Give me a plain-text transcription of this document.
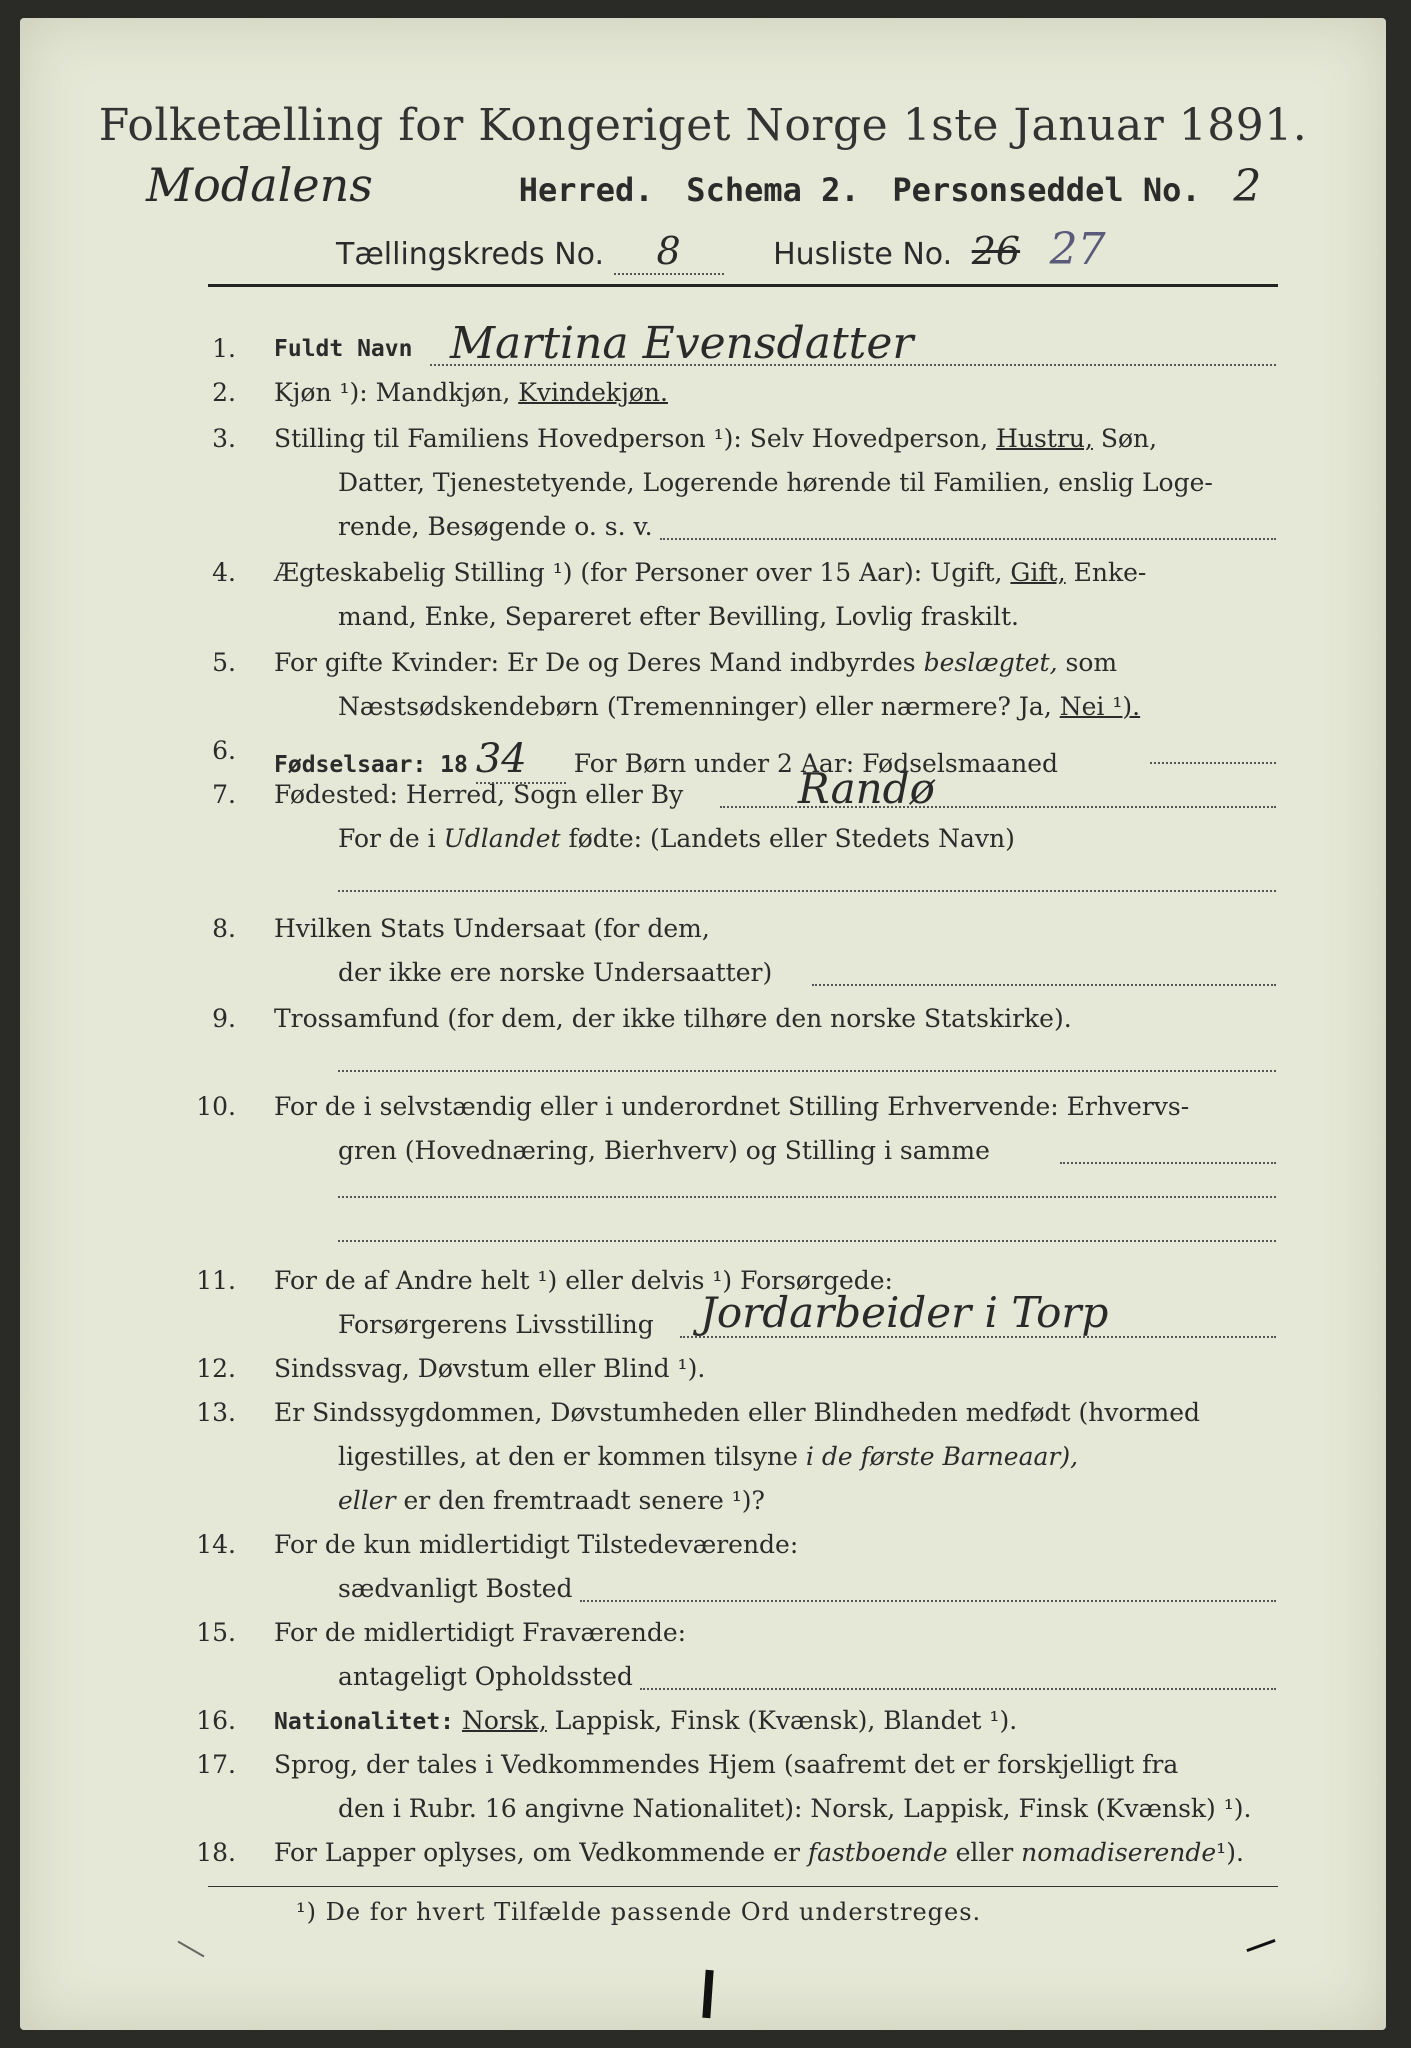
Folketælling for Kongeriget Norge 1ste Januar 1891.
Modalens	Herred. Schema 2. Personseddel No. 2
Tællingskreds No. 8	Husliste No. 26 27
1. Fuldt Navn Martina Evensdatter
2. Kjøn ¹): Mandkjøn, Kvindekjøn.
3. Stilling til Familiens Hovedperson ¹): Selv Hovedperson, Hustru, Søn,
Datter, Tjenestetyende, Logerende hørende til Familien, enslig Loge-
rende, Besøgende o. s. v.
4. Ægteskabelig Stilling ¹) (for Personer over 15 Aar): Ugift, Gift, Enke-
mand, Enke, Separeret efter Bevilling, Lovlig fraskilt.
5. For gifte Kvinder: Er De og Deres Mand indbyrdes beslægtet, som
Næstsødskendebørn (Tremenninger) eller nærmere? Ja, Nei ¹).
6. Fødselsaar: 18 34 For Børn under 2 Aar: Fødselsmaaned
7. Fødested: Herred, Sogn eller By	Randø
For de i Udlandet fødte: (Landets eller Stedets Navn)
8. Hvilken Stats Undersaat (for dem,
der ikke ere norske Undersaatter)
9. Trossamfund (for dem, der ikke tilhøre den norske Statskirke).
10. For de i selvstændig eller i underordnet Stilling Erhvervende: Erhvervs-
gren (Hovednæring, Bierhverv) og Stilling i samme
11. For de af Andre helt ¹) eller delvis ¹) Forsørgede:
Forsørgerens Livsstilling Jordarbeider i Torp
12. Sindssvag, Døvstum eller Blind ¹).
13. Er Sindssygdommen, Døvstumheden eller Blindheden medfødt (hvormed
ligestilles, at den er kommen tilsyne i de første Barneaar),
eller er den fremtraadt senere ¹)?
14. For de kun midlertidigt Tilstedeværende:
sædvanligt Bosted
15. For de midlertidigt Fraværende:
antageligt Opholdssted
16. Nationalitet: Norsk, Lappisk, Finsk (Kvænsk), Blandet ¹).
17. Sprog, der tales i Vedkommendes Hjem (saafremt det er forskjelligt fra
den i Rubr. 16 angivne Nationalitet): Norsk, Lappisk, Finsk (Kvænsk) ¹).
18. For Lapper oplyses, om Vedkommende er fastboende eller nomadiserende¹).
¹) De for hvert Tilfælde passende Ord understreges.
